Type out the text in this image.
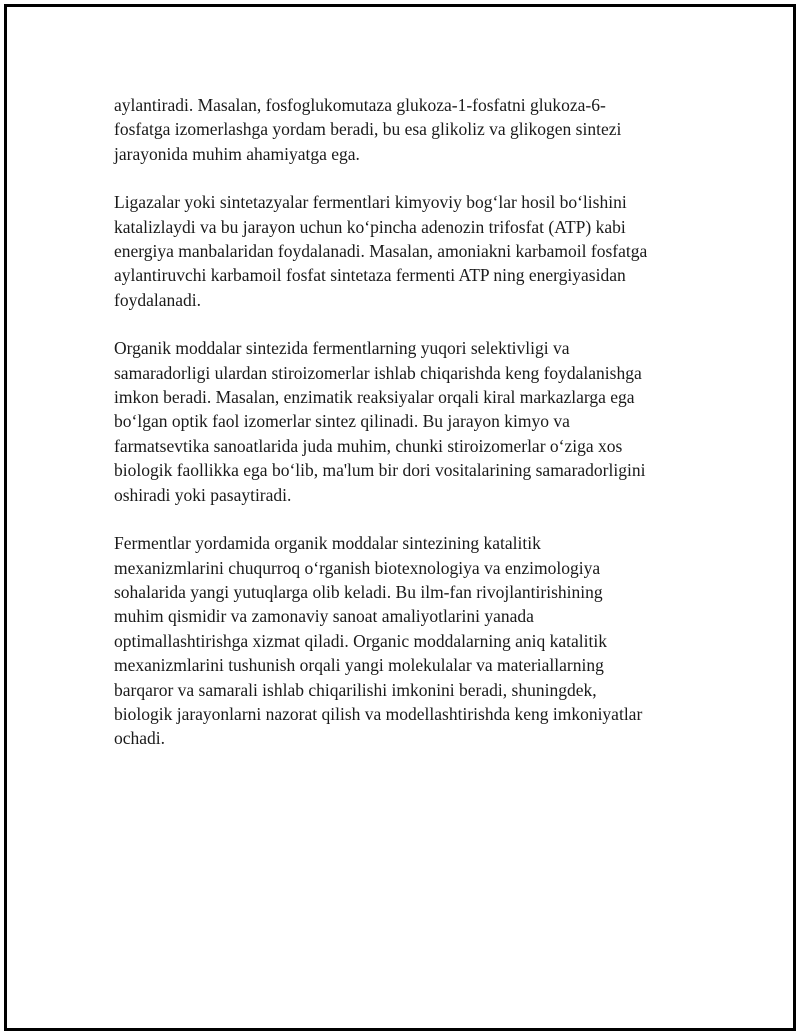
aylantiradi. Masalan, fosfoglukomutaza glukoza-1-fosfatni glukoza-6-
fosfatga izomerlashga yordam beradi, bu esa glikoliz va glikogen sintezi
jarayonida muhim ahamiyatga ega.

Ligazalar yoki sintetazyalar fermentlari kimyoviy bog‘lar hosil bo‘lishini
katalizlaydi va bu jarayon uchun ko‘pincha adenozin trifosfat (ATP) kabi
energiya manbalaridan foydalanadi. Masalan, amoniakni karbamoil fosfatga
aylantiruvchi karbamoil fosfat sintetaza fermenti ATP ning energiyasidan
foydalanadi.

Organik moddalar sintezida fermentlarning yuqori selektivligi va
samaradorligi ulardan stiroizomerlar ishlab chiqarishda keng foydalanishga
imkon beradi. Masalan, enzimatik reaksiyalar orqali kiral markazlarga ega
bo‘lgan optik faol izomerlar sintez qilinadi. Bu jarayon kimyo va
farmatsevtika sanoatlarida juda muhim, chunki stiroizomerlar o‘ziga xos
biologik faollikka ega bo‘lib, ma'lum bir dori vositalarining samaradorligini
oshiradi yoki pasaytiradi.

Fermentlar yordamida organik moddalar sintezining katalitik
mexanizmlarini chuqurroq o‘rganish biotexnologiya va enzimologiya
sohalarida yangi yutuqlarga olib keladi. Bu ilm-fan rivojlantirishining
muhim qismidir va zamonaviy sanoat amaliyotlarini yanada
optimallashtirishga xizmat qiladi. Organic moddalarning aniq katalitik
mexanizmlarini tushunish orqali yangi molekulalar va materiallarning
barqaror va samarali ishlab chiqarilishi imkonini beradi, shuningdek,
biologik jarayonlarni nazorat qilish va modellashtirishda keng imkoniyatlar
ochadi.
